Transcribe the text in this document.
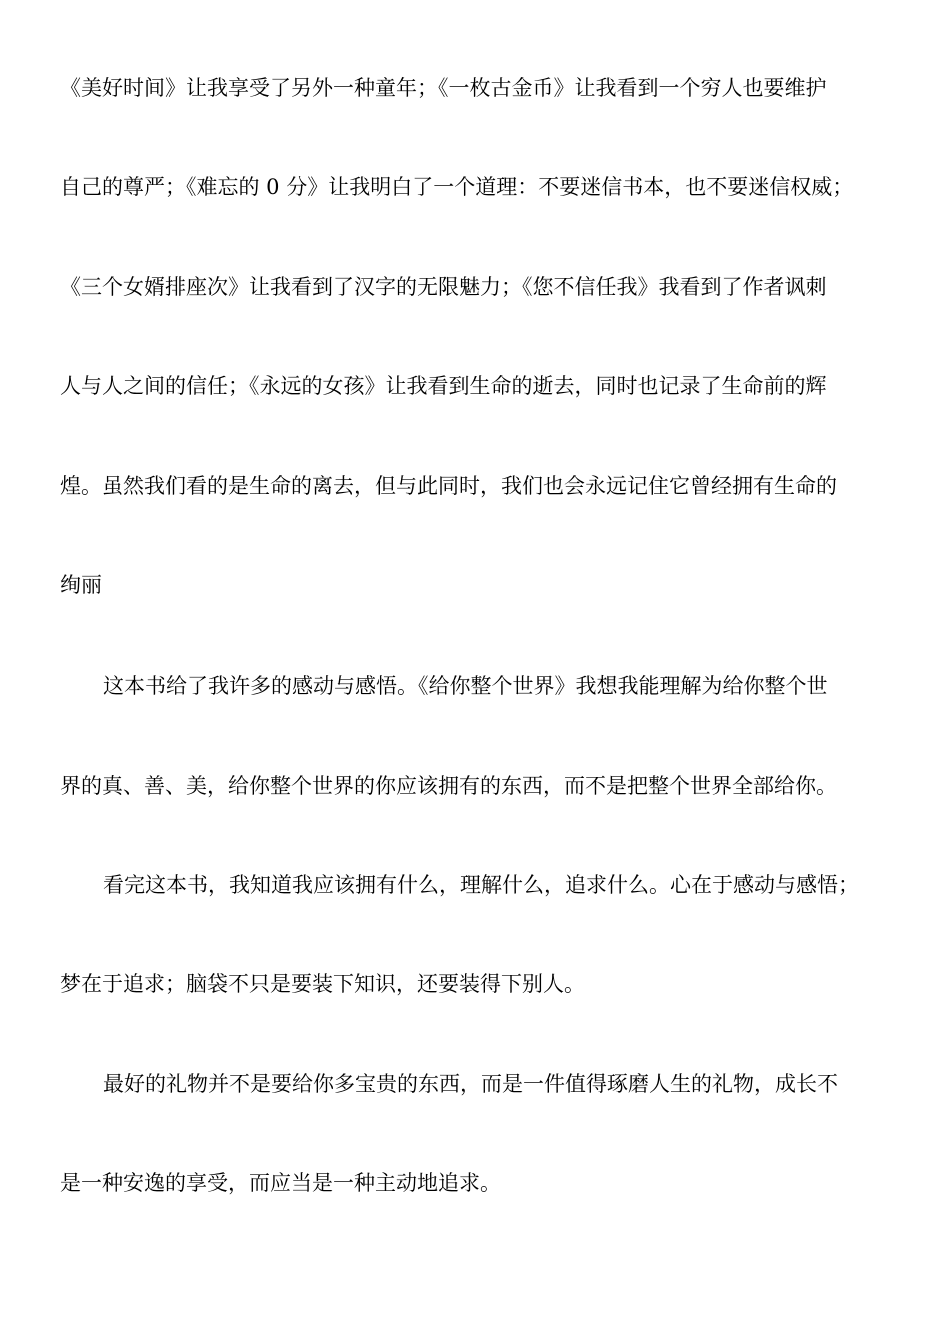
《美好时间》让我享受了另外一种童年；《一枚古金币》让我看到一个穷人也要维护
自己的尊严；《难忘的 0 分》让我明白了一个道理：不要迷信书本，也不要迷信权威；
《三个女婿排座次》让我看到了汉字的无限魅力；《您不信任我》我看到了作者讽刺
人与人之间的信任；《永远的女孩》让我看到生命的逝去，同时也记录了生命前的辉
煌。虽然我们看的是生命的离去，但与此同时，我们也会永远记住它曾经拥有生命的
绚丽
这本书给了我许多的感动与感悟。《给你整个世界》我想我能理解为给你整个世
界的真、善、美，给你整个世界的你应该拥有的东西，而不是把整个世界全部给你。
看完这本书，我知道我应该拥有什么，理解什么，追求什么。心在于感动与感悟；
梦在于追求；脑袋不只是要装下知识，还要装得下别人。
最好的礼物并不是要给你多宝贵的东西，而是一件值得琢磨人生的礼物，成长不
是一种安逸的享受，而应当是一种主动地追求。
